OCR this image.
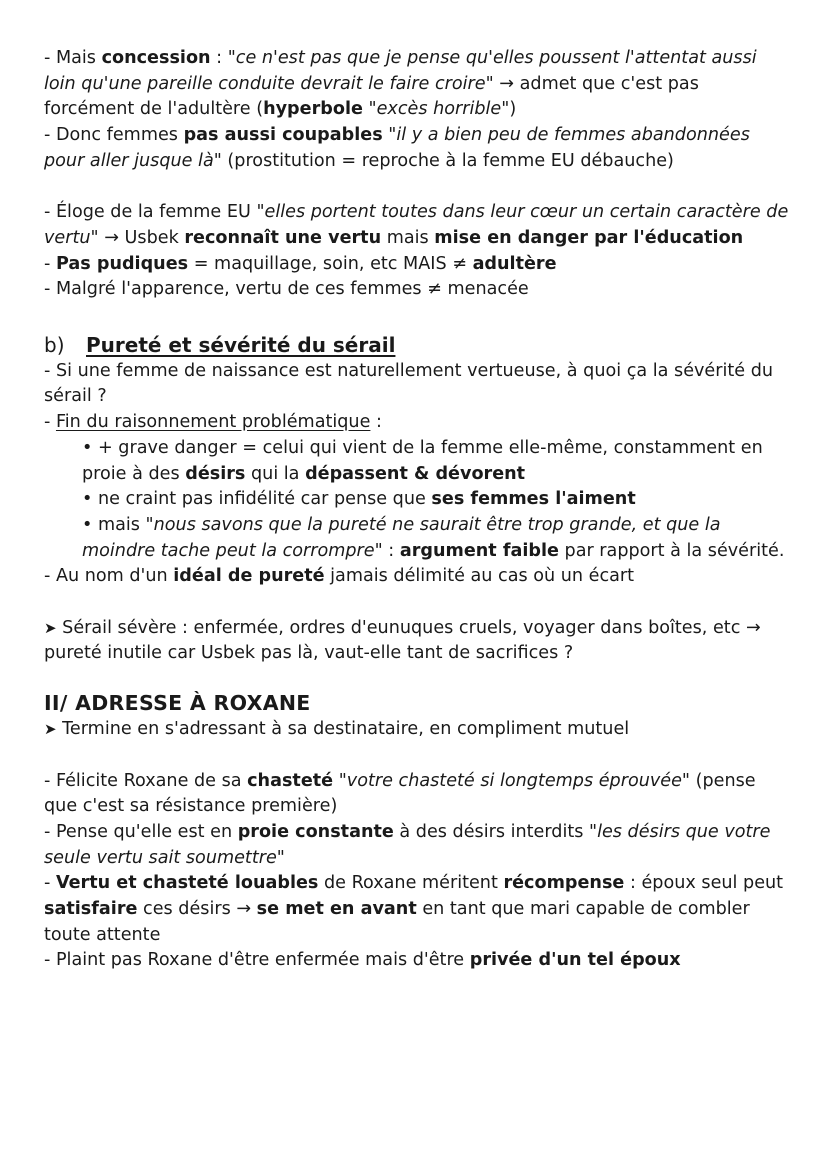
- Mais concession : "ce n'est pas que je pense qu'elles poussent l'attentat aussi loin qu'une pareille conduite devrait le faire croire" → admet que c'est pas forcément de l'adultère (hyperbole "excès horrible")

- Donc femmes pas aussi coupables "il y a bien peu de femmes abandonnées pour aller jusque là" (prostitution = reproche à la femme EU débauche)

- Éloge de la femme EU "elles portent toutes dans leur cœur un certain caractère de vertu" → Usbek reconnaît une vertu mais mise en danger par l'éducation

- Pas pudiques = maquillage, soin, etc MAIS ≠ adultère

- Malgré l'apparence, vertu de ces femmes ≠ menacée

b) Pureté et sévérité du sérail

- Si une femme de naissance est naturellement vertueuse, à quoi ça la sévérité du sérail ?

- Fin du raisonnement problématique :

• + grave danger = celui qui vient de la femme elle-même, constamment en proie à des désirs qui la dépassent & dévorent

• ne craint pas infidélité car pense que ses femmes l'aiment

• mais "nous savons que la pureté ne saurait être trop grande, et que la moindre tache peut la corrompre" : argument faible par rapport à la sévérité.

- Au nom d'un idéal de pureté jamais délimité au cas où un écart

➤ Sérail sévère : enfermée, ordres d'eunuques cruels, voyager dans boîtes, etc → pureté inutile car Usbek pas là, vaut-elle tant de sacrifices ?

II/ ADRESSE À ROXANE

➤ Termine en s'adressant à sa destinataire, en compliment mutuel

- Félicite Roxane de sa chasteté "votre chasteté si longtemps éprouvée" (pense que c'est sa résistance première)

- Pense qu'elle est en proie constante à des désirs interdits "les désirs que votre seule vertu sait soumettre"

- Vertu et chasteté louables de Roxane méritent récompense : époux seul peut satisfaire ces désirs → se met en avant en tant que mari capable de combler toute attente

- Plaint pas Roxane d'être enfermée mais d'être privée d'un tel époux
